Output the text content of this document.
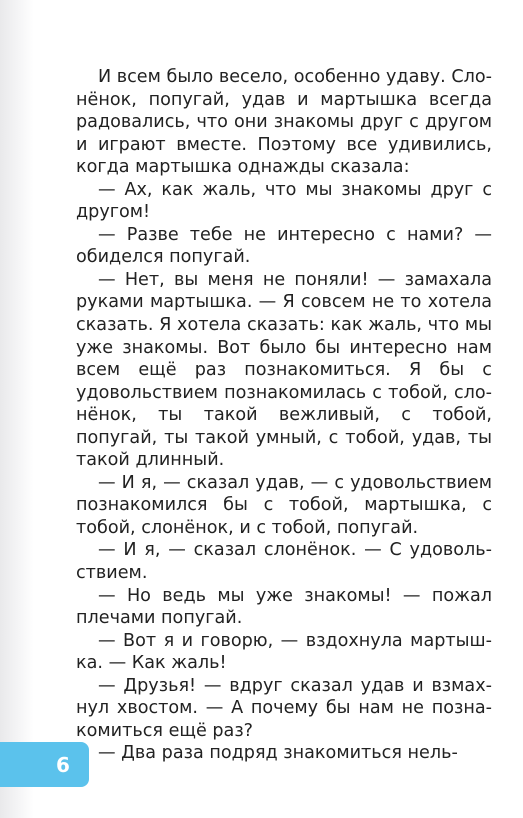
И всем было весело, особенно удаву. Слонёнок, попугай, удав и мартышка всегда радовались, что они знакомы друг с другом и играют вместе. Поэтому все удивились, когда мартышка однажды сказала:

— Ах, как жаль, что мы знакомы друг с другом!

— Разве тебе не интересно с нами? — обиделся попугай.

— Нет, вы меня не поняли! — замахала руками мартышка. — Я совсем не то хотела сказать. Я хотела сказать: как жаль, что мы уже знакомы. Вот было бы интересно нам всем ещё раз познакомиться. Я бы с удовольствием познакомилась с тобой, слонёнок, ты такой вежливый, с тобой, попугай, ты такой умный, с тобой, удав, ты такой длинный.

— И я, — сказал удав, — с удовольствием познакомился бы с тобой, мартышка, с тобой, слонёнок, и с тобой, попугай.

— И я, — сказал слонёнок. — С удовольствием.

— Но ведь мы уже знакомы! — пожал плечами попугай.

— Вот я и говорю, — вздохнула мартышка. — Как жаль!

— Друзья! — вдруг сказал удав и взмахнул хвостом. — А почему бы нам не познакомиться ещё раз?

— Два раза подряд знакомиться нель-

6
